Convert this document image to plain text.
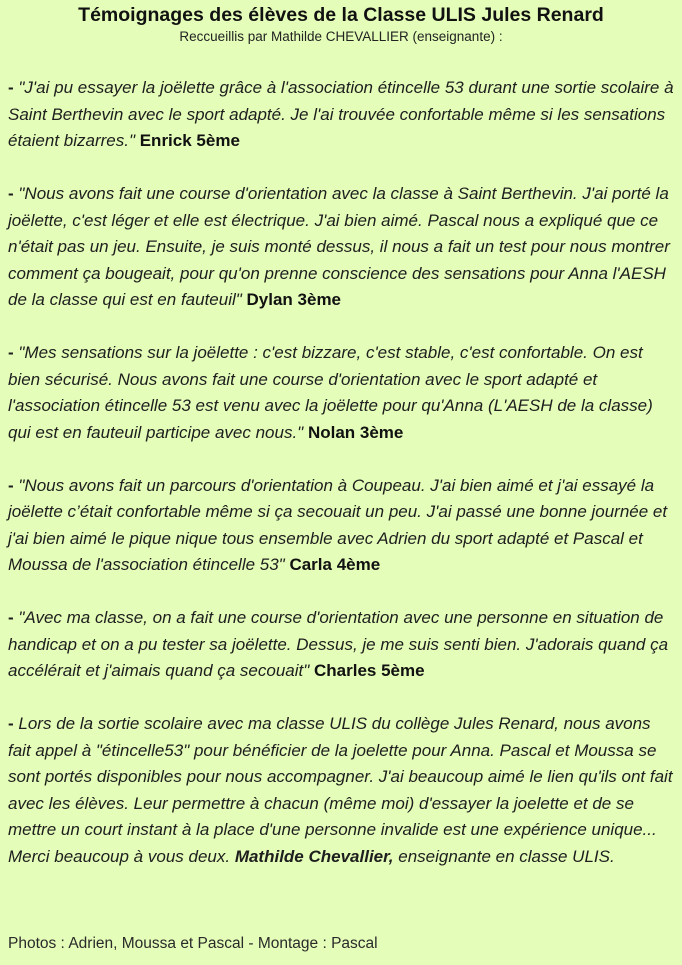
Témoignages des élèves de la Classe ULIS Jules Renard
Reccueillis par Mathilde CHEVALLIER (enseignante) :

- "J'ai pu essayer la joëlette grâce à l'association étincelle 53 durant une sortie scolaire à Saint Berthevin avec le sport adapté. Je l'ai trouvée confortable même si les sensations étaient bizarres." Enrick 5ème

- "Nous avons fait une course d'orientation avec la classe à Saint Berthevin. J'ai porté la joëlette, c'est léger et elle est électrique. J'ai bien aimé. Pascal nous a expliqué que ce n'était pas un jeu. Ensuite, je suis monté dessus, il nous a fait un test pour nous montrer comment ça bougeait, pour qu'on prenne conscience des sensations pour Anna l'AESH de la classe qui est en fauteuil" Dylan 3ème

- "Mes sensations sur la joëlette : c'est bizzare, c'est stable, c'est confortable. On est bien sécurisé. Nous avons fait une course d'orientation avec le sport adapté et l'association étincelle 53 est venu avec la joëlette pour qu'Anna (L'AESH de la classe) qui est en fauteuil participe avec nous." Nolan 3ème

- "Nous avons fait un parcours d'orientation à Coupeau. J'ai bien aimé et j'ai essayé la joëlette c’était confortable même si ça secouait un peu. J'ai passé une bonne journée et j'ai bien aimé le pique nique tous ensemble avec Adrien du sport adapté et Pascal et Moussa de l'association étincelle 53" Carla 4ème

- "Avec ma classe, on a fait une course d'orientation avec une personne en situation de handicap et on a pu tester sa joëlette. Dessus, je me suis senti bien. J'adorais quand ça accélérait et j'aimais quand ça secouait" Charles 5ème

- Lors de la sortie scolaire avec ma classe ULIS du collège Jules Renard, nous avons fait appel à "étincelle53" pour bénéficier de la joelette pour Anna. Pascal et Moussa se sont portés disponibles pour nous accompagner. J'ai beaucoup aimé le lien qu'ils ont fait avec les élèves. Leur permettre à chacun (même moi) d'essayer la joelette et de se mettre un court instant à la place d'une personne invalide est une expérience unique...
Merci beaucoup à vous deux. Mathilde Chevallier, enseignante en classe ULIS.

Photos : Adrien, Moussa et Pascal - Montage : Pascal
